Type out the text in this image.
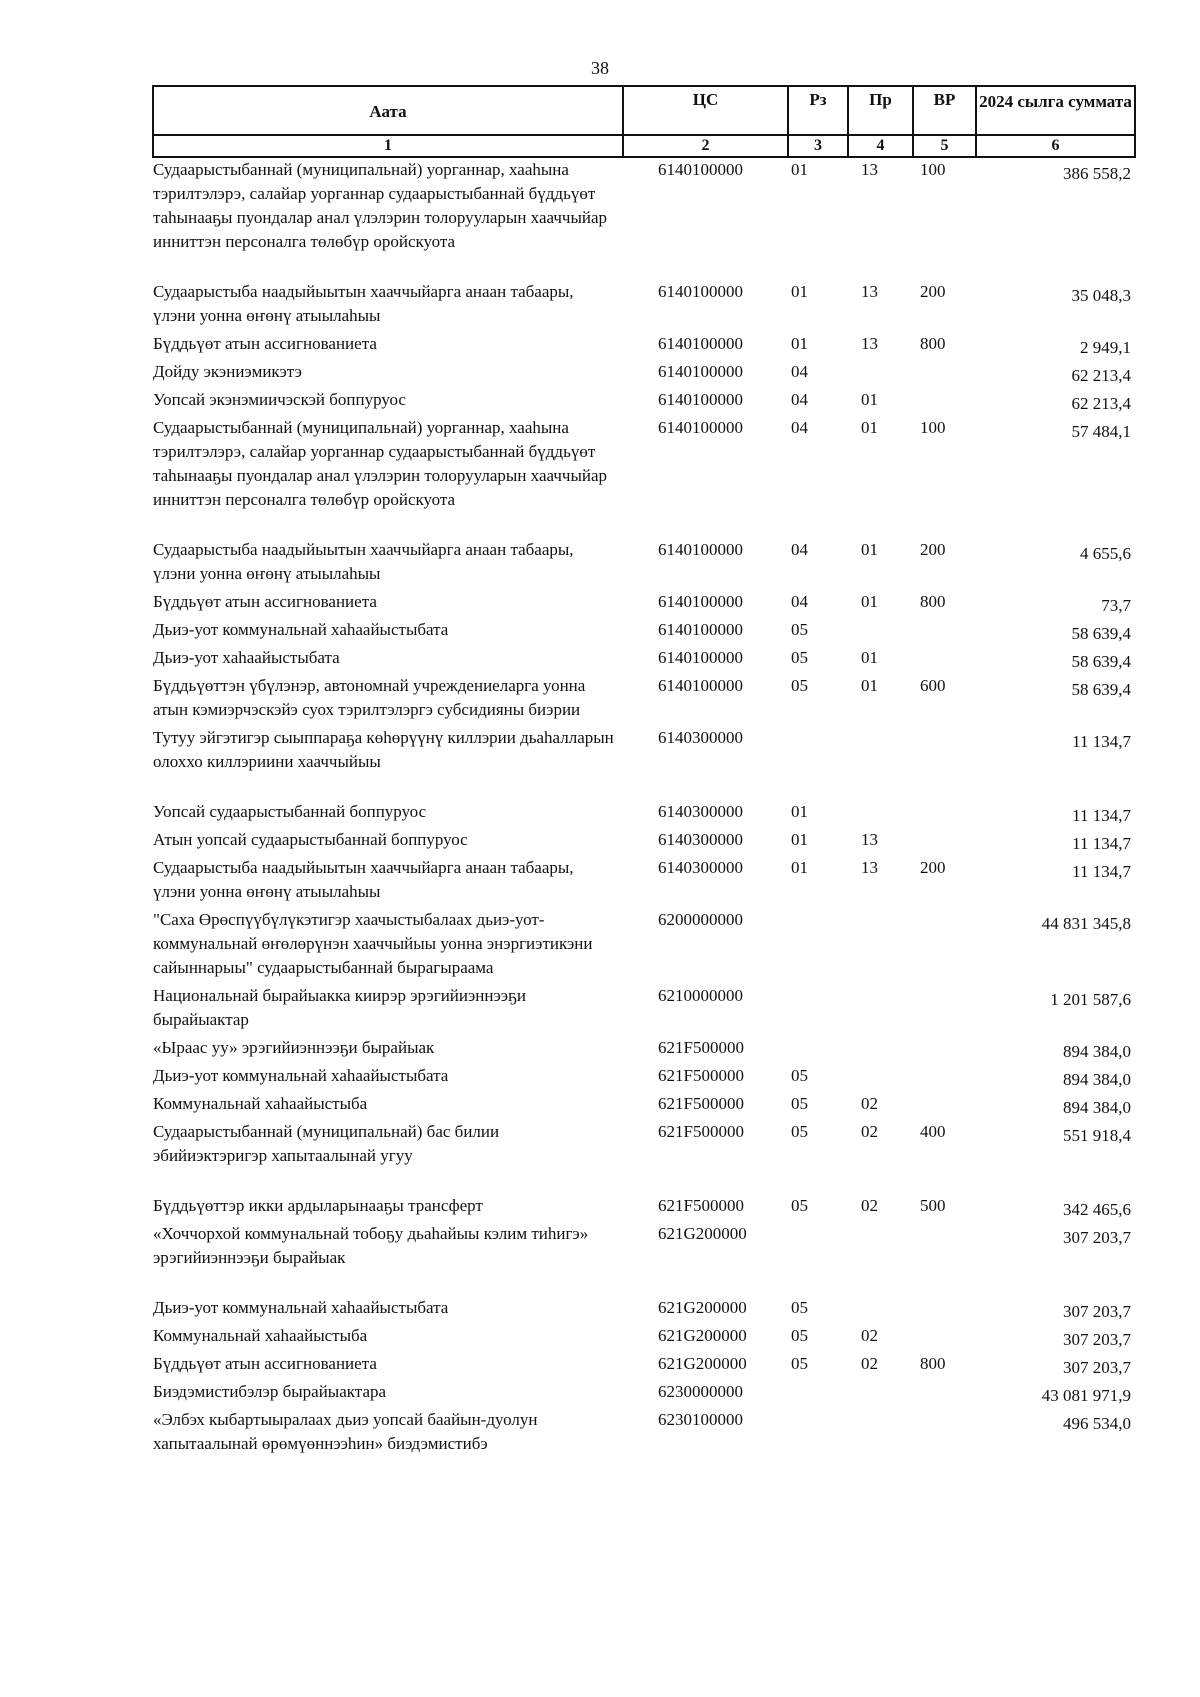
38
Аата	ЦС	Рз	Пр	ВР	2024 сылга суммата
1	2	3	4	5	6
Судаарыстыбаннай (муниципальнай) уорганнар, хааһына тэрилтэлэрэ, салайар уорганнар судаарыстыбаннай бүддьүөт таһынааҕы пуондалар анал үлэлэрин толорууларын хааччыйар инниттэн персоналга төлөбүр оройскуота	6140100000	01	13	100	386 558,2
Судаарыстыба наадыйыытын хааччыйарга анаан табаары, үлэни уонна өҥөнү атыылаһыы	6140100000	01	13	200	35 048,3
Бүддьүөт атын ассигнованиета	6140100000	01	13	800	2 949,1
Дойду экэниэмикэтэ	6140100000	04			62 213,4
Уопсай экэнэмиичэскэй боппуруос	6140100000	04	01		62 213,4
Судаарыстыбаннай (муниципальнай) уорганнар, хааһына тэрилтэлэрэ, салайар уорганнар судаарыстыбаннай бүддьүөт таһынааҕы пуондалар анал үлэлэрин толорууларын хааччыйар инниттэн персоналга төлөбүр оройскуота	6140100000	04	01	100	57 484,1
Судаарыстыба наадыйыытын хааччыйарга анаан табаары, үлэни уонна өҥөнү атыылаһыы	6140100000	04	01	200	4 655,6
Бүддьүөт атын ассигнованиета	6140100000	04	01	800	73,7
Дьиэ-уот коммунальнай хаһаайыстыбата	6140100000	05			58 639,4
Дьиэ-уот хаһаайыстыбата	6140100000	05	01		58 639,4
Бүддьүөттэн үбүлэнэр, автономнай учреждениеларга уонна атын кэмиэрчэскэйэ суох тэрилтэлэргэ субсидияны биэрии	6140100000	05	01	600	58 639,4
Тутуу эйгэтигэр сыыппараҕа көһөрүүнү киллэрии дьаһалларын олоххо киллэриини хааччыйыы	6140300000				11 134,7
Уопсай судаарыстыбаннай боппуруос	6140300000	01			11 134,7
Атын уопсай судаарыстыбаннай боппуруос	6140300000	01	13		11 134,7
Судаарыстыба наадыйыытын хааччыйарга анаан табаары, үлэни уонна өҥөнү атыылаһыы	6140300000	01	13	200	11 134,7
"Саха Өрөспүүбүлүкэтигэр хаачыстыбалаах дьиэ-уот-коммунальнай өҥөлөрүнэн хааччыйыы уонна энэргиэтикэни сайыннарыы" судаарыстыбаннай бырагыраама	6200000000				44 831 345,8
Национальнай бырайыакка киирэр эрэгийиэннээҕи бырайыактар	6210000000				1 201 587,6
«Ыраас уу» эрэгийиэннээҕи бырайыак	621F500000				894 384,0
Дьиэ-уот коммунальнай хаһаайыстыбата	621F500000	05			894 384,0
Коммунальнай хаһаайыстыба	621F500000	05	02		894 384,0
Судаарыстыбаннай (муниципальнай) бас билии эбийиэктэригэр хапытаалынай угуу	621F500000	05	02	400	551 918,4
Бүддьүөттэр икки ардыларынааҕы трансферт	621F500000	05	02	500	342 465,6
«Хоччорхой коммунальнай тобоҕу дьаһайыы кэлим тиһигэ» эрэгийиэннээҕи бырайыак	621G200000				307 203,7
Дьиэ-уот коммунальнай хаһаайыстыбата	621G200000	05			307 203,7
Коммунальнай хаһаайыстыба	621G200000	05	02		307 203,7
Бүддьүөт атын ассигнованиета	621G200000	05	02	800	307 203,7
Биэдэмистибэлэр бырайыактара	6230000000				43 081 971,9
«Элбэх кыбартыыралаах дьиэ уопсай баайын-дуолун хапытаалынай өрөмүөннээһин» биэдэмистибэ	6230100000				496 534,0
